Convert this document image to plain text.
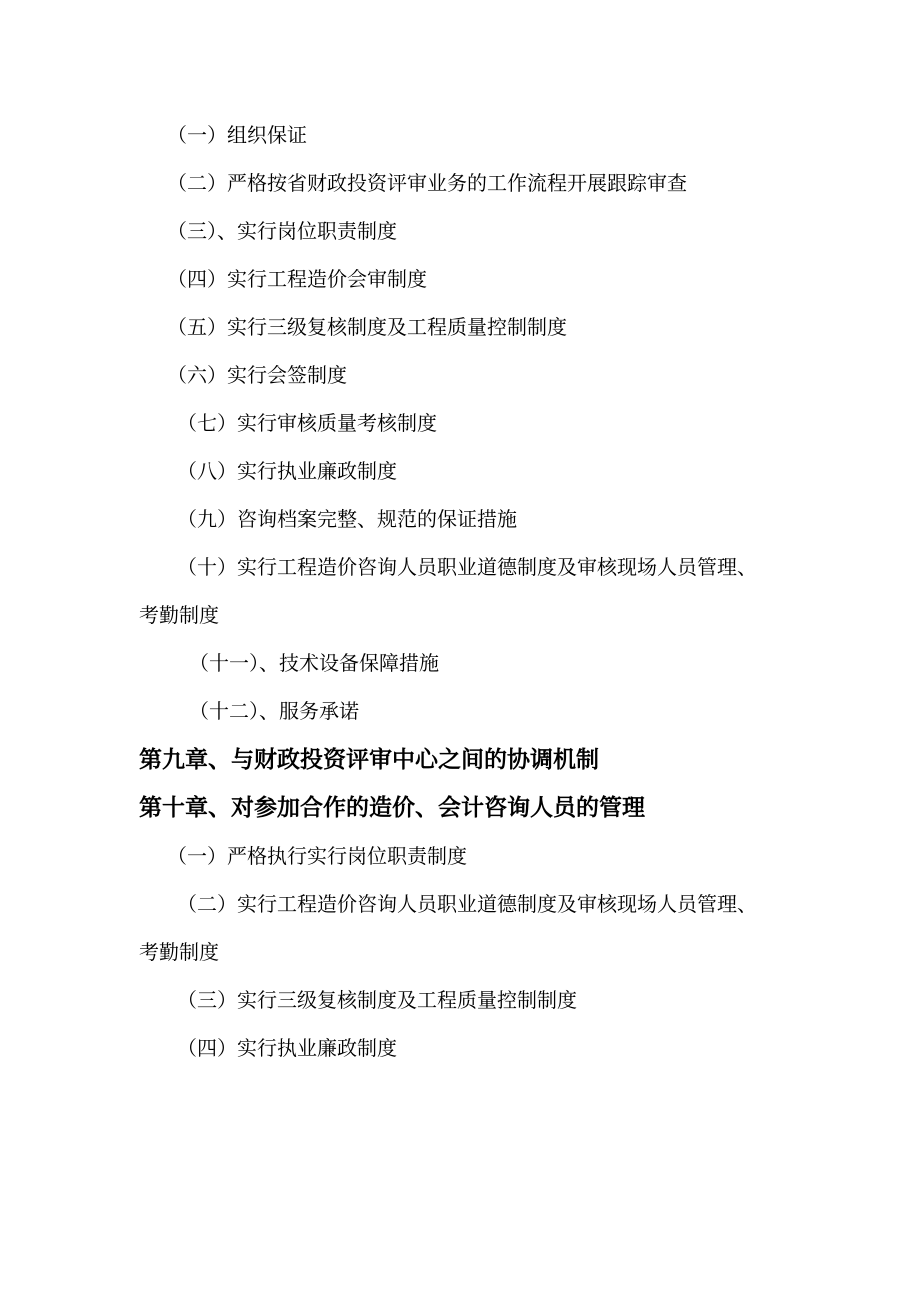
（一）组织保证
（二）严格按省财政投资评审业务的工作流程开展跟踪审查
（三）、实行岗位职责制度
（四）实行工程造价会审制度
（五）实行三级复核制度及工程质量控制制度
（六）实行会签制度
（七）实行审核质量考核制度
（八）实行执业廉政制度
（九）咨询档案完整、规范的保证措施
（十）实行工程造价咨询人员职业道德制度及审核现场人员管理、
考勤制度
（十一）、技术设备保障措施
（十二）、服务承诺
第九章、与财政投资评审中心之间的协调机制
第十章、对参加合作的造价、会计咨询人员的管理
（一）严格执行实行岗位职责制度
（二）实行工程造价咨询人员职业道德制度及审核现场人员管理、
考勤制度
（三）实行三级复核制度及工程质量控制制度
（四）实行执业廉政制度
